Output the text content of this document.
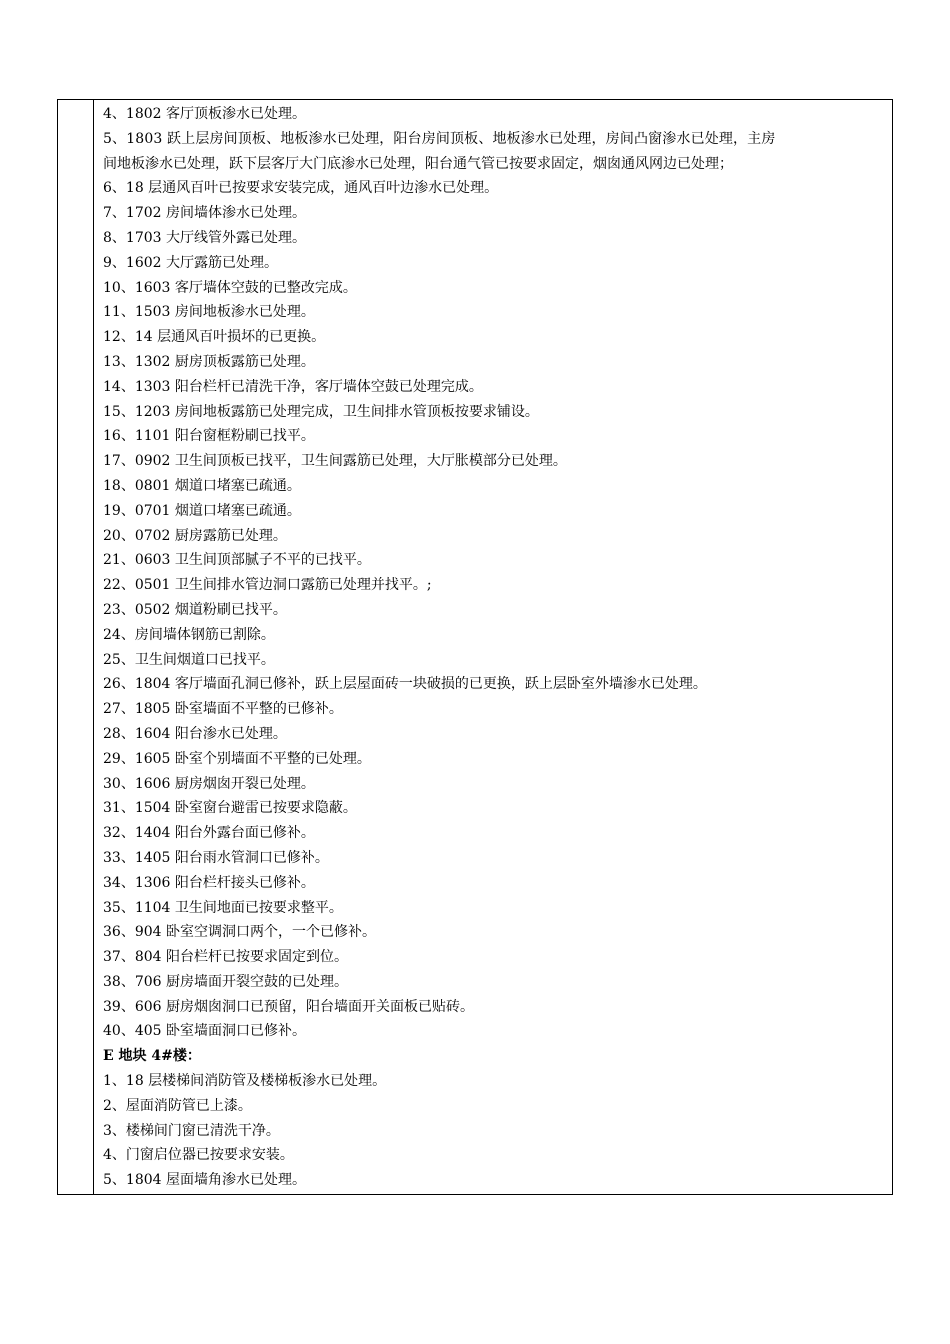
4、1802 客厅顶板渗水已处理。
5、1803 跃上层房间顶板、地板渗水已处理，阳台房间顶板、地板渗水已处理，房间凸窗渗水已处理，主房
间地板渗水已处理，跃下层客厅大门底渗水已处理，阳台通气管已按要求固定，烟囱通风网边已处理；
6、18 层通风百叶已按要求安装完成，通风百叶边渗水已处理。
7、1702 房间墙体渗水已处理。
8、1703 大厅线管外露已处理。
9、1602 大厅露筋已处理。
10、1603 客厅墙体空鼓的已整改完成。
11、1503 房间地板渗水已处理。
12、14 层通风百叶损坏的已更换。
13、1302 厨房顶板露筋已处理。
14、1303 阳台栏杆已清洗干净，客厅墙体空鼓已处理完成。
15、1203 房间地板露筋已处理完成，卫生间排水管顶板按要求铺设。
16、1101 阳台窗框粉刷已找平。
17、0902 卫生间顶板已找平，卫生间露筋已处理，大厅胀模部分已处理。
18、0801 烟道口堵塞已疏通。
19、0701 烟道口堵塞已疏通。
20、0702 厨房露筋已处理。
21、0603 卫生间顶部腻子不平的已找平。
22、0501 卫生间排水管边洞口露筋已处理并找平。;
23、0502 烟道粉刷已找平。
24、房间墙体钢筋已割除。
25、卫生间烟道口已找平。
26、1804 客厅墙面孔洞已修补，跃上层屋面砖一块破损的已更换，跃上层卧室外墙渗水已处理。
27、1805 卧室墙面不平整的已修补。
28、1604 阳台渗水已处理。
29、1605 卧室个别墙面不平整的已处理。
30、1606 厨房烟囱开裂已处理。
31、1504 卧室窗台避雷已按要求隐蔽。
32、1404 阳台外露台面已修补。
33、1405 阳台雨水管洞口已修补。
34、1306 阳台栏杆接头已修补。
35、1104 卫生间地面已按要求整平。
36、904 卧室空调洞口两个，一个已修补。
37、804 阳台栏杆已按要求固定到位。
38、706 厨房墙面开裂空鼓的已处理。
39、606 厨房烟囱洞口已预留，阳台墙面开关面板已贴砖。
40、405 卧室墙面洞口已修补。
E 地块 4#楼：
1、18 层楼梯间消防管及楼梯板渗水已处理。
2、屋面消防管已上漆。
3、楼梯间门窗已清洗干净。
4、门窗启位器已按要求安装。
5、1804 屋面墙角渗水已处理。
